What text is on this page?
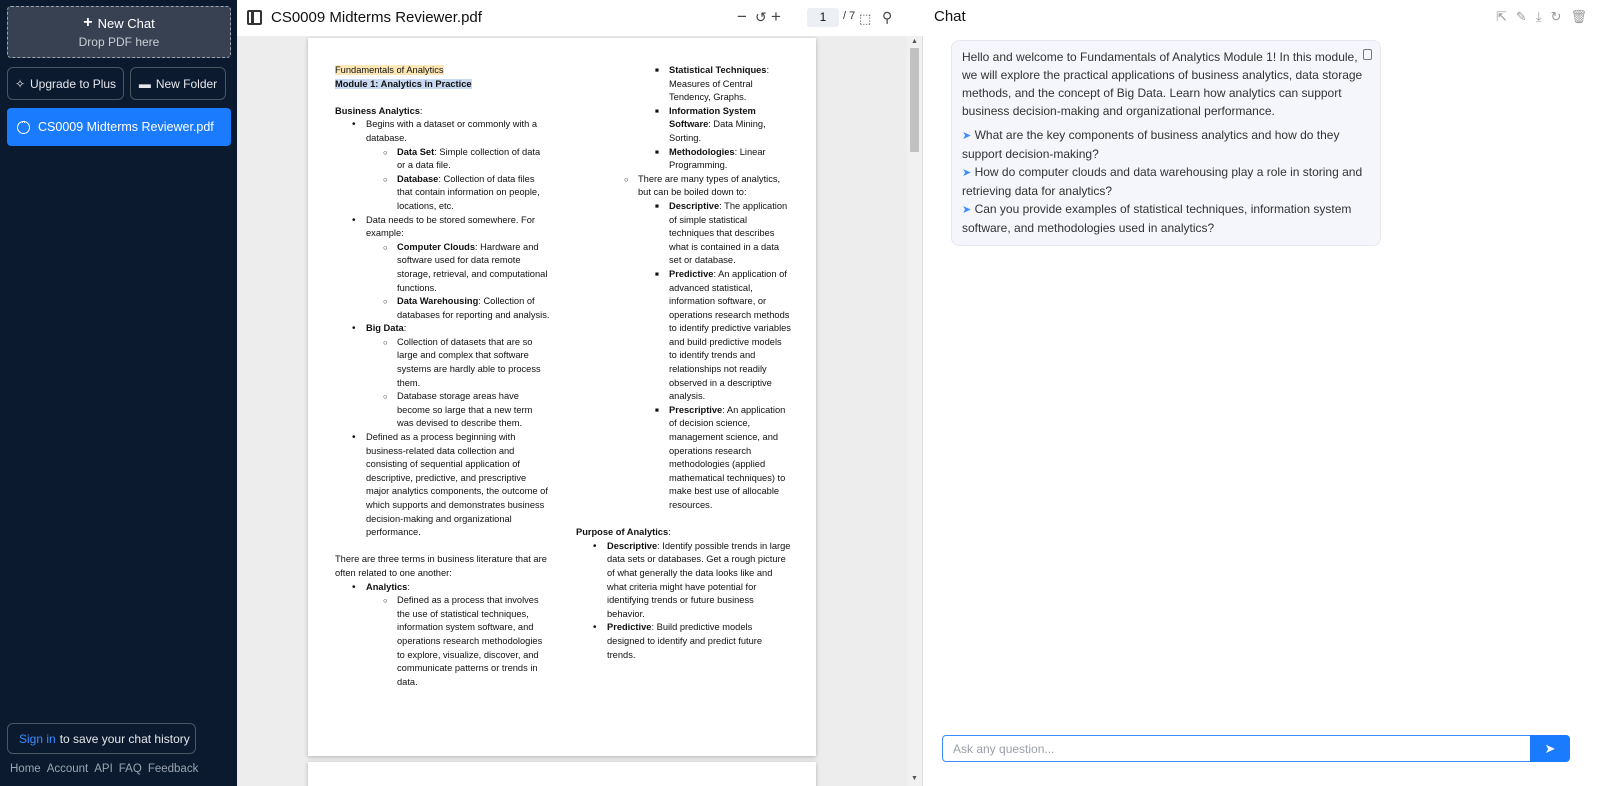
+ New Chat
Drop PDF here
✧ Upgrade to Plus ▬ New Folder
···
CS0009 Midterms Reviewer.pdf
Sign in to save your chat history
Home Account API FAQ Feedback
CS0009 Midterms Reviewer.pdf	− ↺ +	1	/ 7 ⬚ ⚲
Fundamentals of Analytics
Module 1: Analytics in Practice
Business Analytics:
• Begins with a dataset or commonly with a database.
○ Data Set: Simple collection of data or a data file.
○ Database: Collection of data files that contain information on people, locations, etc.
• Data needs to be stored somewhere. For example:
○ Computer Clouds: Hardware and software used for data remote storage, retrieval, and computational functions.
○ Data Warehousing: Collection of databases for reporting and analysis.
• Big Data:
○ Collection of datasets that are so large and complex that software systems are hardly able to process them.
○ Database storage areas have become so large that a new term was devised to describe them.
• Defined as a process beginning with business-related data collection and consisting of sequential application of descriptive, predictive, and prescriptive major analytics components, the outcome of which supports and demonstrates business decision-making and organizational performance.
There are three terms in business literature that are often related to one another:
• Analytics:
○ Defined as a process that involves the use of statistical techniques, information system software, and operations research methodologies to explore, visualize, discover, and communicate patterns or trends in data.
■ Statistical Techniques: Measures of Central Tendency, Graphs.
■ Information System Software: Data Mining, Sorting.
■ Methodologies: Linear Programming.
○ There are many types of analytics, but can be boiled down to:
■ Descriptive: The application of simple statistical techniques that describes what is contained in a data set or database.
■ Predictive: An application of advanced statistical, information software, or operations research methods to identify predictive variables and build predictive models to identify trends and relationships not readily observed in a descriptive analysis.
■ Prescriptive: An application of decision science, management science, and operations research methodologies (applied mathematical techniques) to make best use of allocable resources.
Purpose of Analytics:
• Descriptive: Identify possible trends in large data sets or databases. Get a rough picture of what generally the data looks like and what criteria might have potential for identifying trends or future business behavior.
• Predictive: Build predictive models designed to identify and predict future trends.
▲
▼
Chat	⇱ ✎ ⤓ ↻ 🗑

Hello and welcome to Fundamentals of Analytics Module 1! In this module, we will explore the practical applications of business analytics, data storage methods, and the concept of Big Data. Learn how analytics can support business decision-making and organizational performance.

➤ What are the key components of business analytics and how do they support decision-making?
➤ How do computer clouds and data warehousing play a role in storing and retrieving data for analytics?
➤ Can you provide examples of statistical techniques, information system software, and methodologies used in analytics?
Ask any question...
➤
